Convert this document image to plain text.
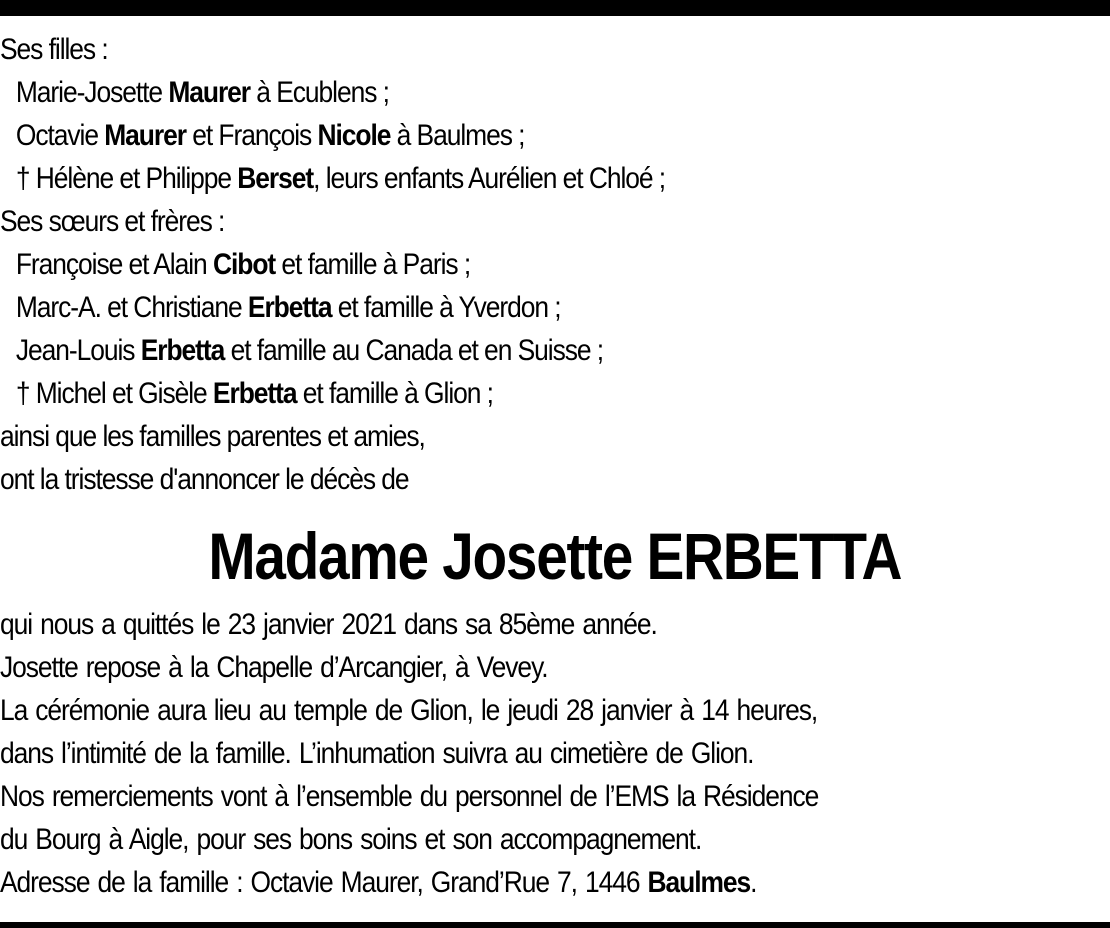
Ses filles :
Marie-Josette Maurer à Ecublens ;
Octavie Maurer et François Nicole à Baulmes ;
† Hélène et Philippe Berset, leurs enfants Aurélien et Chloé ;
Ses sœurs et frères :
Françoise et Alain Cibot et famille à Paris ;
Marc-A. et Christiane Erbetta et famille à Yverdon ;
Jean-Louis Erbetta et famille au Canada et en Suisse ;
† Michel et Gisèle Erbetta et famille à Glion ;
ainsi que les familles parentes et amies,
ont la tristesse d'annoncer le décès de
Madame Josette ERBETTA
qui nous a quittés le 23 janvier 2021 dans sa 85ème année.
Josette repose à la Chapelle d’Arcangier, à Vevey.
La cérémonie aura lieu au temple de Glion, le jeudi 28 janvier à 14 heures,
dans l’intimité de la famille. L’inhumation suivra au cimetière de Glion.
Nos remerciements vont à l’ensemble du personnel de l’EMS la Résidence
du Bourg à Aigle, pour ses bons soins et son accompagnement.
Adresse de la famille : Octavie Maurer, Grand’Rue 7, 1446 Baulmes.
